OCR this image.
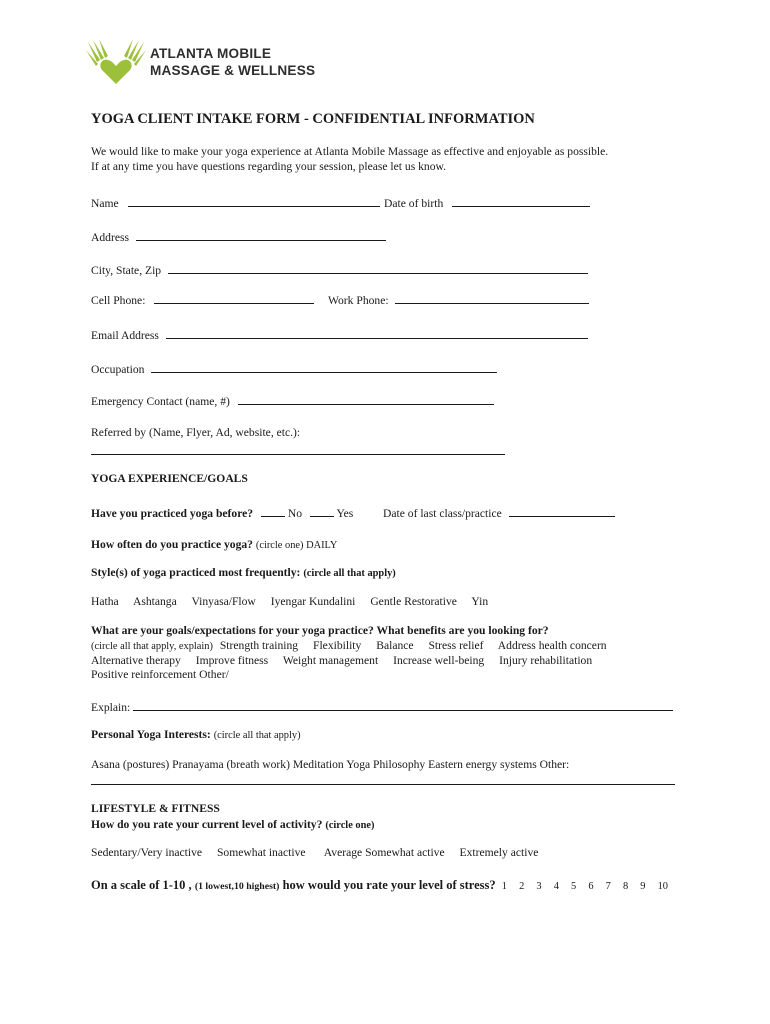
ATLANTA MOBILE
MASSAGE & WELLNESS
YOGA CLIENT INTAKE FORM - CONFIDENTIAL INFORMATION
We would like to make your yoga experience at Atlanta Mobile Massage as effective and enjoyable as possible.
If at any time you have questions regarding your session, please let us know.
Name	Date of birth
Address
City, State, Zip
Cell Phone:	Work Phone:
Email Address
Occupation
Emergency Contact (name, #)
Referred by (Name, Flyer, Ad, website, etc.):
YOGA EXPERIENCE/GOALS
Have you practiced yoga before?	No	Yes	Date of last class/practice
How often do you practice yoga? (circle one) DAILY
Style(s) of yoga practiced most frequently: (circle all that apply)
Hatha Ashtanga Vinyasa/Flow Iyengar Kundalini Gentle Restorative Yin
What are your goals/expectations for your yoga practice? What benefits are you looking for?
(circle all that apply, explain) Strength training Flexibility Balance Stress relief Address health concern
Alternative therapy Improve fitness Weight management Increase well-being Injury rehabilitation
Positive reinforcement Other/
Explain:
Personal Yoga Interests: (circle all that apply)
Asana (postures) Pranayama (breath work) Meditation Yoga Philosophy Eastern energy systems Other:
LIFESTYLE & FITNESS
How do you rate your current level of activity? (circle one)
Sedentary/Very inactive Somewhat inactive Average Somewhat active Extremely active
On a scale of 1-10 , (1 lowest,10 highest) how would you rate your level of stress? 1 2 3 4 5 6 7 8 9 10
